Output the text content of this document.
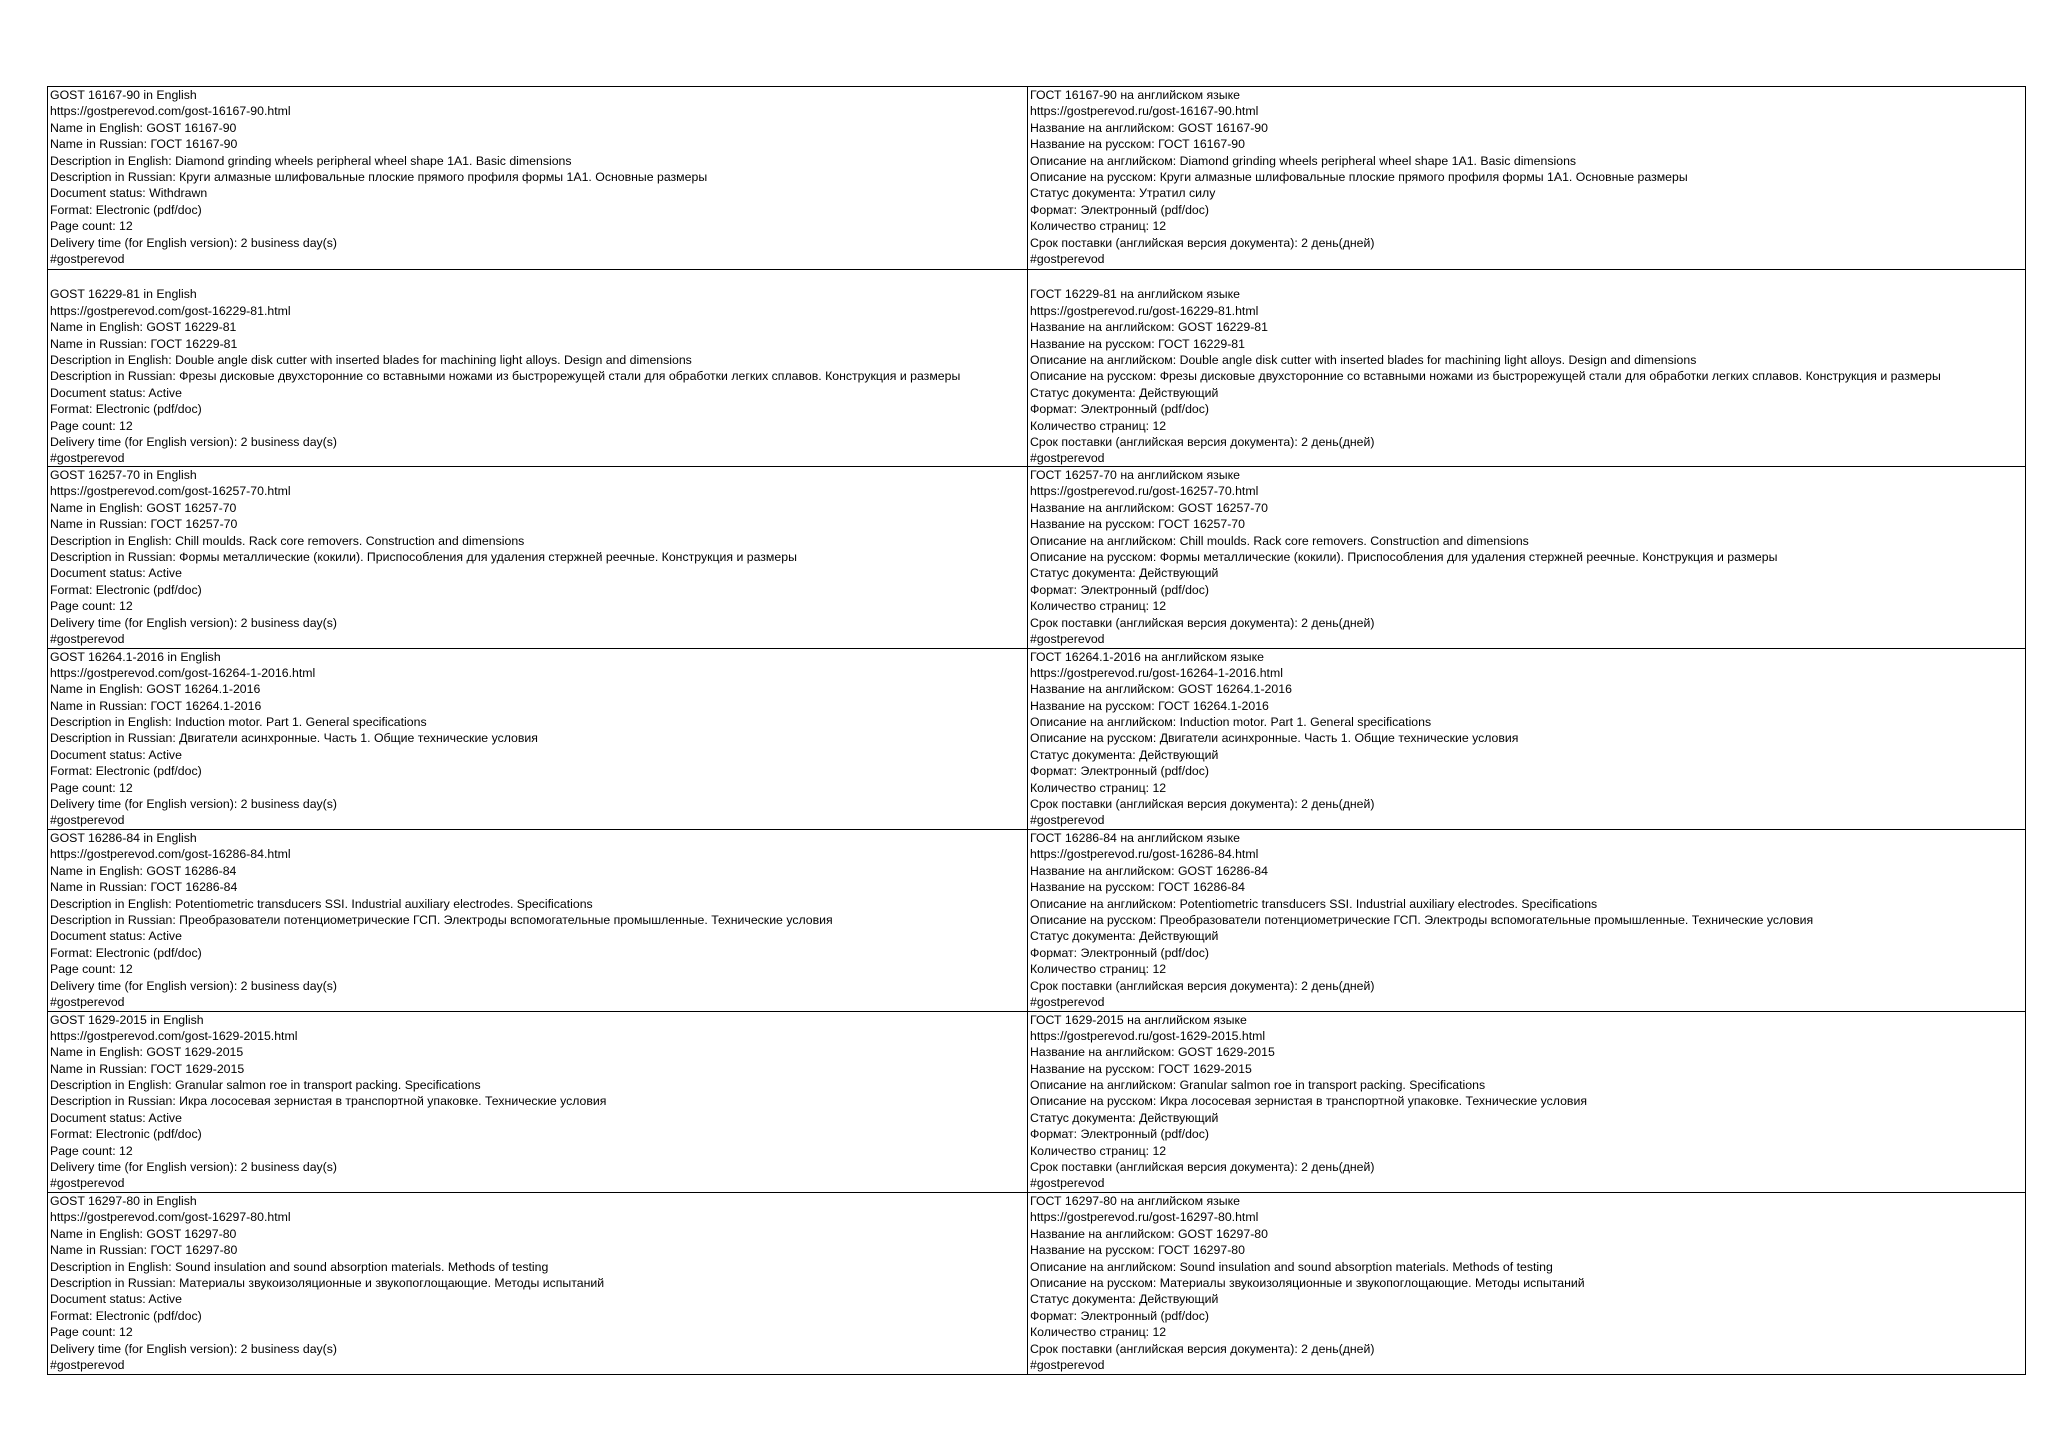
GOST 16167-90 in English
https://gostperevod.com/gost-16167-90.html
Name in English: GOST 16167-90
Name in Russian: ГОСТ 16167-90
Description in English: Diamond grinding wheels peripheral wheel shape 1A1. Basic dimensions
Description in Russian: Круги алмазные шлифовальные плоские прямого профиля формы 1A1. Основные размеры
Document status: Withdrawn
Format: Electronic (pdf/doc)
Page count: 12
Delivery time (for English version): 2 business day(s)
#gostperevod
ГОСТ 16167-90 на английском языке
https://gostperevod.ru/gost-16167-90.html
Название на английском: GOST 16167-90
Название на русском: ГОСТ 16167-90
Описание на английском: Diamond grinding wheels peripheral wheel shape 1A1. Basic dimensions
Описание на русском: Круги алмазные шлифовальные плоские прямого профиля формы 1A1. Основные размеры
Статус документа: Утратил силу
Формат: Электронный (pdf/doc)
Количество страниц: 12
Срок поставки (английская версия документа): 2 день(дней)
#gostperevod
GOST 16229-81 in English
https://gostperevod.com/gost-16229-81.html
Name in English: GOST 16229-81
Name in Russian: ГОСТ 16229-81
Description in English: Double angle disk cutter with inserted blades for machining light alloys. Design and dimensions
Description in Russian: Фрезы дисковые двухсторонние со вставными ножами из быстрорежущей стали для обработки легких сплавов. Конструкция и размеры
Document status: Active
Format: Electronic (pdf/doc)
Page count: 12
Delivery time (for English version): 2 business day(s)
#gostperevod
ГОСТ 16229-81 на английском языке
https://gostperevod.ru/gost-16229-81.html
Название на английском: GOST 16229-81
Название на русском: ГОСТ 16229-81
Описание на английском: Double angle disk cutter with inserted blades for machining light alloys. Design and dimensions
Описание на русском: Фрезы дисковые двухсторонние со вставными ножами из быстрорежущей стали для обработки легких сплавов. Конструкция и размеры
Статус документа: Действующий
Формат: Электронный (pdf/doc)
Количество страниц: 12
Срок поставки (английская версия документа): 2 день(дней)
#gostperevod
GOST 16257-70 in English
https://gostperevod.com/gost-16257-70.html
Name in English: GOST 16257-70
Name in Russian: ГОСТ 16257-70
Description in English: Chill moulds. Rack core removers. Construction and dimensions
Description in Russian: Формы металлические (кокили). Приспособления для удаления стержней реечные. Конструкция и размеры
Document status: Active
Format: Electronic (pdf/doc)
Page count: 12
Delivery time (for English version): 2 business day(s)
#gostperevod
ГОСТ 16257-70 на английском языке
https://gostperevod.ru/gost-16257-70.html
Название на английском: GOST 16257-70
Название на русском: ГОСТ 16257-70
Описание на английском: Chill moulds. Rack core removers. Construction and dimensions
Описание на русском: Формы металлические (кокили). Приспособления для удаления стержней реечные. Конструкция и размеры
Статус документа: Действующий
Формат: Электронный (pdf/doc)
Количество страниц: 12
Срок поставки (английская версия документа): 2 день(дней)
#gostperevod
GOST 16264.1-2016 in English
https://gostperevod.com/gost-16264-1-2016.html
Name in English: GOST 16264.1-2016
Name in Russian: ГОСТ 16264.1-2016
Description in English: Induction motor. Part 1. General specifications
Description in Russian: Двигатели асинхронные. Часть 1. Общие технические условия
Document status: Active
Format: Electronic (pdf/doc)
Page count: 12
Delivery time (for English version): 2 business day(s)
#gostperevod
ГОСТ 16264.1-2016 на английском языке
https://gostperevod.ru/gost-16264-1-2016.html
Название на английском: GOST 16264.1-2016
Название на русском: ГОСТ 16264.1-2016
Описание на английском: Induction motor. Part 1. General specifications
Описание на русском: Двигатели асинхронные. Часть 1. Общие технические условия
Статус документа: Действующий
Формат: Электронный (pdf/doc)
Количество страниц: 12
Срок поставки (английская версия документа): 2 день(дней)
#gostperevod
GOST 16286-84 in English
https://gostperevod.com/gost-16286-84.html
Name in English: GOST 16286-84
Name in Russian: ГОСТ 16286-84
Description in English: Potentiometric transducers SSI. Industrial auxiliary electrodes. Specifications
Description in Russian: Преобразователи потенциометрические ГСП. Электроды вспомогательные промышленные. Технические условия
Document status: Active
Format: Electronic (pdf/doc)
Page count: 12
Delivery time (for English version): 2 business day(s)
#gostperevod
ГОСТ 16286-84 на английском языке
https://gostperevod.ru/gost-16286-84.html
Название на английском: GOST 16286-84
Название на русском: ГОСТ 16286-84
Описание на английском: Potentiometric transducers SSI. Industrial auxiliary electrodes. Specifications
Описание на русском: Преобразователи потенциометрические ГСП. Электроды вспомогательные промышленные. Технические условия
Статус документа: Действующий
Формат: Электронный (pdf/doc)
Количество страниц: 12
Срок поставки (английская версия документа): 2 день(дней)
#gostperevod
GOST 1629-2015 in English
https://gostperevod.com/gost-1629-2015.html
Name in English: GOST 1629-2015
Name in Russian: ГОСТ 1629-2015
Description in English: Granular salmon roe in transport packing. Specifications
Description in Russian: Икра лососевая зернистая в транспортной упаковке. Технические условия
Document status: Active
Format: Electronic (pdf/doc)
Page count: 12
Delivery time (for English version): 2 business day(s)
#gostperevod
ГОСТ 1629-2015 на английском языке
https://gostperevod.ru/gost-1629-2015.html
Название на английском: GOST 1629-2015
Название на русском: ГОСТ 1629-2015
Описание на английском: Granular salmon roe in transport packing. Specifications
Описание на русском: Икра лососевая зернистая в транспортной упаковке. Технические условия
Статус документа: Действующий
Формат: Электронный (pdf/doc)
Количество страниц: 12
Срок поставки (английская версия документа): 2 день(дней)
#gostperevod
GOST 16297-80 in English
https://gostperevod.com/gost-16297-80.html
Name in English: GOST 16297-80
Name in Russian: ГОСТ 16297-80
Description in English: Sound insulation and sound absorption materials. Methods of testing
Description in Russian: Материалы звукоизоляционные и звукопоглощающие. Методы испытаний
Document status: Active
Format: Electronic (pdf/doc)
Page count: 12
Delivery time (for English version): 2 business day(s)
#gostperevod
ГОСТ 16297-80 на английском языке
https://gostperevod.ru/gost-16297-80.html
Название на английском: GOST 16297-80
Название на русском: ГОСТ 16297-80
Описание на английском: Sound insulation and sound absorption materials. Methods of testing
Описание на русском: Материалы звукоизоляционные и звукопоглощающие. Методы испытаний
Статус документа: Действующий
Формат: Электронный (pdf/doc)
Количество страниц: 12
Срок поставки (английская версия документа): 2 день(дней)
#gostperevod
